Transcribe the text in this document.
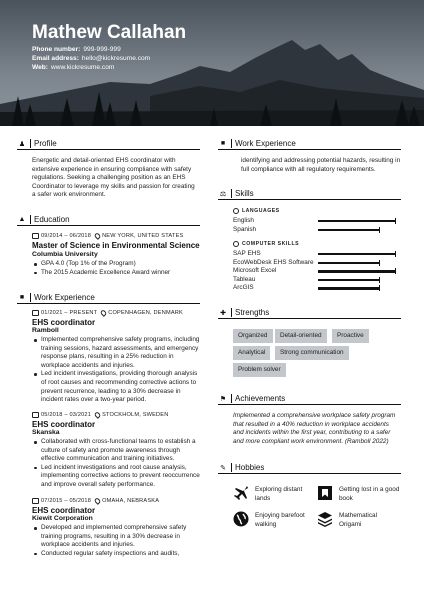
Mathew Callahan
Phone number: 999-999-999
Email address: hello@kickresume.com
Web: www.kickresume.com
♟ Profile
Energetic and detail-oriented EHS coordinator with extensive experience in ensuring compliance with safety regulations. Seeking a challenging position as an EHS Coordinator to leverage my skills and passion for creating a safer work environment.
▲ Education
09/2014 – 06/2018 NEW YORK, UNITED STATES
Master of Science in Environmental Science
Columbia University
GPA 4.0 (Top 1% of the Program)
The 2015 Academic Excellence Award winner
■	Work Experience
01/2021 – PRESENT COPENHAGEN, DENMARK
EHS coordinator
Ramboll
Implemented comprehensive safety programs, including training sessions, hazard assessments, and emergency response plans, resulting in a 25% reduction in workplace accidents and injuries.
Led incident investigations, providing thorough analysis of root causes and recommending corrective actions to prevent recurrence, leading to a 30% decrease in incident rates over a two-year period.
05/2018 – 03/2021 STOCKHOLM, SWEDEN
EHS coordinator
Skanska
Collaborated with cross-functional teams to establish a culture of safety and promote awareness through effective communication and training initiatives.
Led incident investigations and root cause analysis, implementing corrective actions to prevent reoccurrence and improve overall safety performance.
07/2015 – 05/2018 OMAHA, NEBRASKA
EHS coordinator
Kiewit Corporation
Developed and implemented comprehensive safety training programs, resulting in a 30% decrease in workplace accidents and injuries.
Conducted regular safety inspections and audits,
■	Work Experience
identifying and addressing potential hazards, resulting in full compliance with all regulatory requirements.
⚖ Skills
LANGUAGES
English
Spanish
SAP EHS
EcoWebDesk EHS Software
Microsoft Excel
Tableau
ArcGIS
COMPUTER SKILLS
✚ Strengths
Organized	Detail-oriented	Proactive
Analytical	Strong communication
Problem solver
⚑ Achievements
Implemented a comprehensive workplace safety program that resulted in a 40% reduction in workplace accidents and incidents within the first year, contributing to a safer and more compliant work environment. (Ramboll 2022)
✎ Hobbies
Exploring distant lands
Getting lost in a good book
Enjoying barefoot walking
Mathematical Origami
